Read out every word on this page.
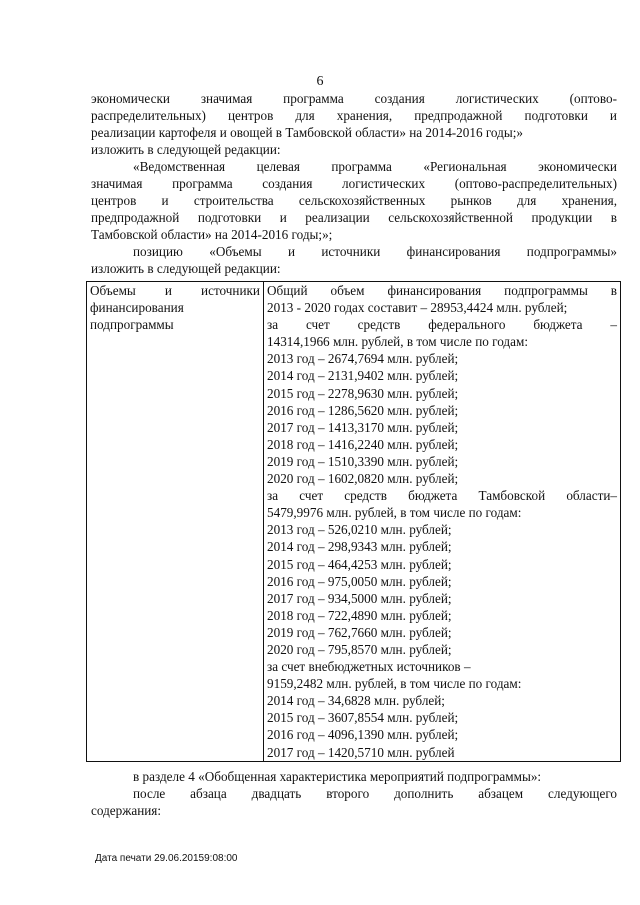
6
экономически значимая программа создания логистических (оптово-
распределительных) центров для хранения, предпродажной подготовки и
реализации картофеля и овощей в Тамбовской области» на 2014-2016 годы;»
изложить в следующей редакции:
«Ведомственная целевая программа «Региональная экономически
значимая программа создания логистических (оптово-распределительных)
центров и строительства сельскохозяйственных рынков для хранения,
предпродажной подготовки и реализации сельскохозяйственной продукции в
Тамбовской области» на 2014-2016 годы;»;
позицию «Объемы и источники финансирования подпрограммы»
изложить в следующей редакции:
Объемы и источники
финансирования
подпрограммы

Общий объем финансирования подпрограммы в
2013 - 2020 годах составит – 28953,4424 млн. рублей;
за счет средств федерального бюджета –
14314,1966 млн. рублей, в том числе по годам:
2013 год – 2674,7694 млн. рублей;
2014 год – 2131,9402 млн. рублей;
2015 год – 2278,9630 млн. рублей;
2016 год – 1286,5620 млн. рублей;
2017 год – 1413,3170 млн. рублей;
2018 год – 1416,2240 млн. рублей;
2019 год – 1510,3390 млн. рублей;
2020 год – 1602,0820 млн. рублей;
за счет средств бюджета Тамбовской области–
5479,9976 млн. рублей, в том числе по годам:
2013 год – 526,0210 млн. рублей;
2014 год – 298,9343 млн. рублей;
2015 год – 464,4253 млн. рублей;
2016 год – 975,0050 млн. рублей;
2017 год – 934,5000 млн. рублей;
2018 год – 722,4890 млн. рублей;
2019 год – 762,7660 млн. рублей;
2020 год – 795,8570 млн. рублей;
за счет внебюджетных источников –
9159,2482 млн. рублей, в том числе по годам:
2014 год – 34,6828 млн. рублей;
2015 год – 3607,8554 млн. рублей;
2016 год – 4096,1390 млн. рублей;
2017 год – 1420,5710 млн. рублей
в разделе 4 «Обобщенная характеристика мероприятий подпрограммы»:
после абзаца двадцать второго дополнить абзацем следующего
содержания:
Дата печати 29.06.20159:08:00
